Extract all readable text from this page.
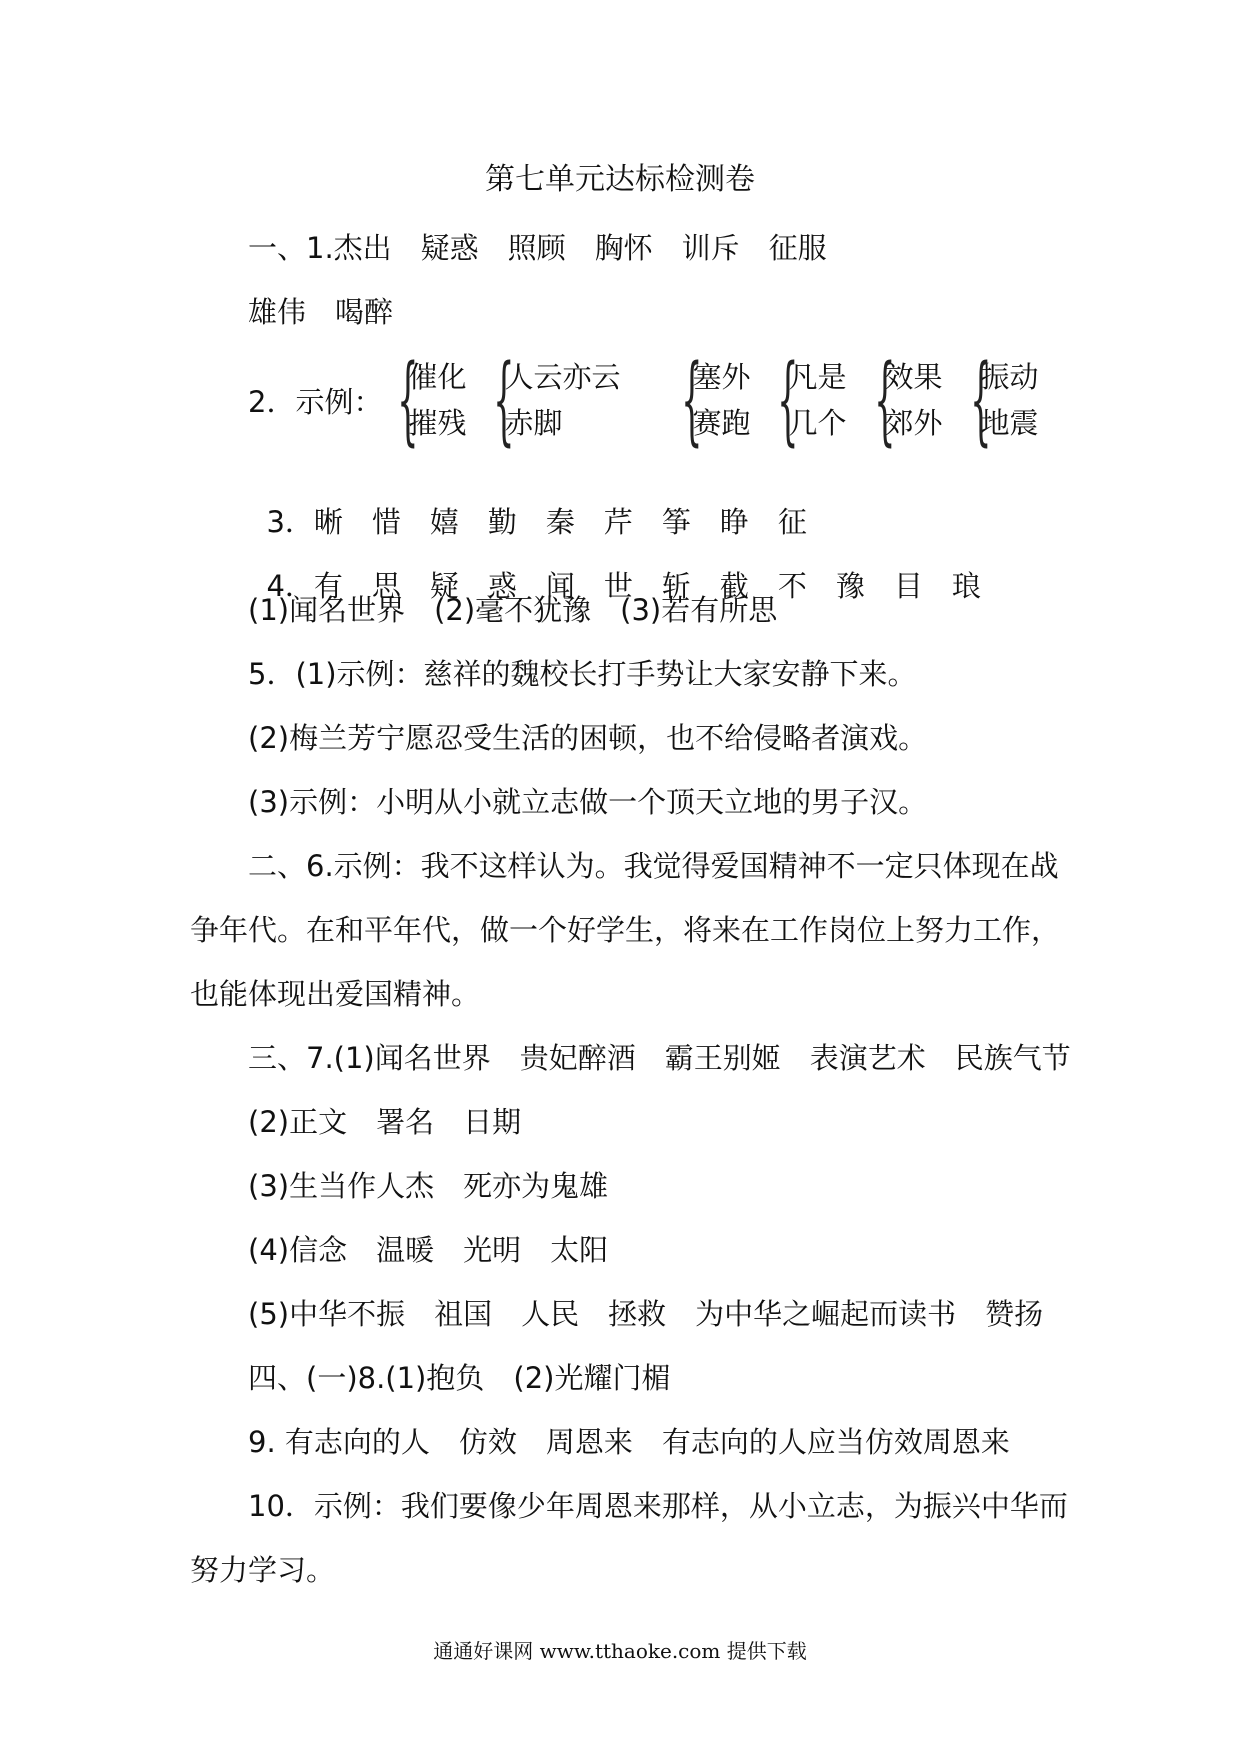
第七单元达标检测卷
一、1.杰出　疑惑　照顾　胸怀　训斥　征服
雄伟　喝醉
2．示例： {
催化
摧残 {
人云亦云
赤脚	{
塞外
赛跑 {
凡是
几个 {
效果
郊外 {
振动
地震

3．晰 惜 嬉 勤 秦 芹 筝 睁 征

4．有 思 疑 惑 闻 世 斩 截 不 豫 目 琅

(1)闻名世界　(2)毫不犹豫　(3)若有所思
5．(1)示例：慈祥的魏校长打手势让大家安静下来。
(2)梅兰芳宁愿忍受生活的困顿，也不给侵略者演戏。
(3)示例：小明从小就立志做一个顶天立地的男子汉。
二、6.示例：我不这样认为。我觉得爱国精神不一定只体现在战
争年代。在和平年代，做一个好学生，将来在工作岗位上努力工作，
也能体现出爱国精神。
三、7.(1)闻名世界　贵妃醉酒　霸王别姬　表演艺术　民族气节
(2)正文　署名　日期
(3)生当作人杰　死亦为鬼雄
(4)信念　温暖　光明　太阳
(5)中华不振　祖国　人民　拯救　为中华之崛起而读书　赞扬
四、(一)8.(1)抱负　(2)光耀门楣
9. 有志向的人　仿效　周恩来　有志向的人应当仿效周恩来
10．示例：我们要像少年周恩来那样，从小立志，为振兴中华而
努力学习。
通通好课网 www.tthaoke.com 提供下载
